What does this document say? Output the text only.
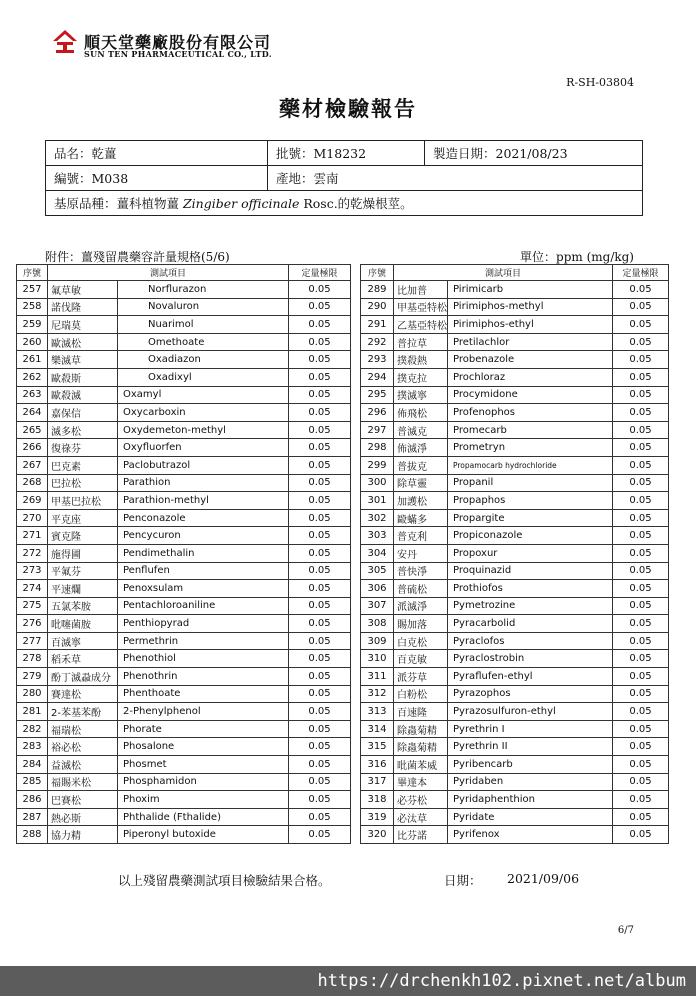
順天堂藥廠股份有限公司
SUN TEN PHARMACEUTICAL CO., LTD.
R-SH-03804
藥材檢驗報告
品名：乾薑	批號：M18232	製造日期：2021/08/23
編號：M038	產地：雲南	
基原品種：薑科植物薑 Zingiber officinale Rosc.的乾燥根莖。		
附件：薑殘留農藥容許量規格(5/6)	單位：ppm (mg/kg)
序號	測試項目		定量極限
257	氟草敏	Norflurazon	0.05
258	諾伐隆	Novaluron	0.05
259	尼瑞莫	Nuarimol	0.05
260	歐滅松	Omethoate	0.05
261	樂滅草	Oxadiazon	0.05
262	歐殺斯	Oxadixyl	0.05
263	歐殺滅	Oxamyl	0.05
264	嘉保信	Oxycarboxin	0.05
265	滅多松	Oxydemeton-methyl	0.05
266	復祿芬	Oxyfluorfen	0.05
267	巴克素	Paclobutrazol	0.05
268	巴拉松	Parathion	0.05
269	甲基巴拉松	Parathion-methyl	0.05
270	平克座	Penconazole	0.05
271	賓克隆	Pencycuron	0.05
272	施得圃	Pendimethalin	0.05
273	平氟芬	Penflufen	0.05
274	平速爛	Penoxsulam	0.05
275	五氯苯胺	Pentachloroaniline	0.05
276	吡噻菌胺	Penthiopyrad	0.05
277	百滅寧	Permethrin	0.05
278	稻禾草	Phenothiol	0.05
279	酚丁滅蝨成分	Phenothrin	0.05
280	賽達松	Phenthoate	0.05
281	2-苯基苯酚	2-Phenylphenol	0.05
282	福瑞松	Phorate	0.05
283	裕必松	Phosalone	0.05
284	益滅松	Phosmet	0.05
285	福賜米松	Phosphamidon	0.05
286	巴賽松	Phoxim	0.05
287	熱必斯	Phthalide (Fthalide)	0.05
288	協力精	Piperonyl butoxide	0.05
序號	測試項目		定量極限
289	比加普	Pirimicarb	0.05
290	甲基亞特松	Pirimiphos-methyl	0.05
291	乙基亞特松	Pirimiphos-ethyl	0.05
292	普拉草	Pretilachlor	0.05
293	撲殺熱	Probenazole	0.05
294	撲克拉	Prochloraz	0.05
295	撲滅寧	Procymidone	0.05
296	佈飛松	Profenophos	0.05
297	普滅克	Promecarb	0.05
298	佈滅淨	Prometryn	0.05
299	普拔克	Propamocarb hydrochloride	0.05
300	除草靈	Propanil	0.05
301	加護松	Propaphos	0.05
302	毆蟎多	Propargite	0.05
303	普克利	Propiconazole	0.05
304	安丹	Propoxur	0.05
305	普快淨	Proquinazid	0.05
306	普硫松	Prothiofos	0.05
307	派滅淨	Pymetrozine	0.05
308	賜加落	Pyracarbolid	0.05
309	白克松	Pyraclofos	0.05
310	百克敏	Pyraclostrobin	0.05
311	派芬草	Pyraflufen-ethyl	0.05
312	白粉松	Pyrazophos	0.05
313	百速隆	Pyrazosulfuron-ethyl	0.05
314	除蟲菊精	Pyrethrin I	0.05
315	除蟲菊精	Pyrethrin II	0.05
316	吡菌苯威	Pyribencarb	0.05
317	畢達本	Pyridaben	0.05
318	必芬松	Pyridaphenthion	0.05
319	必汰草	Pyridate	0.05
320	比芬諾	Pyrifenox	0.05
以上殘留農藥測試項目檢驗結果合格。	日期： 2021/09/06
6/7
https://drchenkh102.pixnet.net/album
